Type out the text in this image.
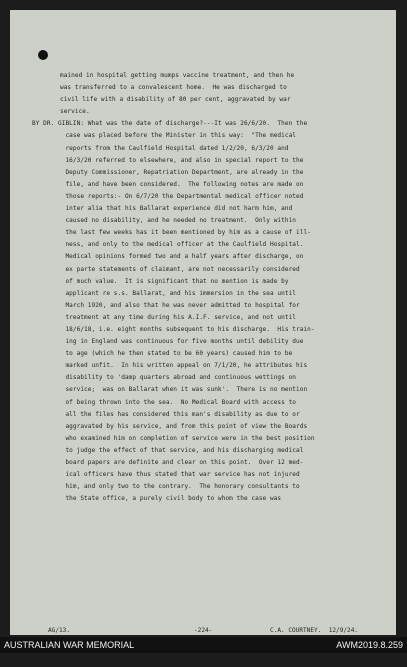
mained in hospital getting mumps vaccine treatment, and then he
was transferred to a convalescent home.  He was discharged to
civil life with a disability of 80 per cent, aggravated by war
service.
BY DR. GIBLIN: What was the date of discharge?---It was 26/6/20.  Then the
case was placed before the Minister in this way:  "The medical
reports from the Caulfield Hospital dated 1/2/20, 6/3/20 and
16/3/20 referred to elsewhere, and also in special report to the
Deputy Commissioner, Repatriation Department, are already in the
file, and have been considered.  The following notes are made on
those reports:- On 6/7/20 the Departmental medical officer noted
inter alia that his Ballarat experience did not harm him, and
caused no disability, and he needed no treatment.  Only within
the last few weeks has it been mentioned by him as a cause of ill-
ness, and only to the medical officer at the Caulfield Hospital.
Medical opinions formed two and a half years after discharge, on
ex parte statements of claimant, are not necessarily considered
of much value.  It is significant that no mention is made by
applicant re s.s. Ballarat, and his immersion in the sea until
March 1920, and also that he was never admitted to hospital for
treatment at any time during his A.I.F. service, and not until
18/6/18, i.e. eight months subsequent to his discharge.  His train-
ing in England was continuous for five months until debility due
to age (which he then stated to be 60 years) caused him to be
marked unfit.  In his written appeal on 7/1/20, he attributes his
disability to 'damp quarters abroad and continuous wettings on
service;  was on Ballarat when it was sunk'.  There is no mention
of being thrown into the sea.  No Medical Board with access to
all the files has considered this man's disability as due to or
aggravated by his service, and from this point of view the Boards
who examined him on completion of service were in the best position
to judge the effect of that service, and his discharging medical
board papers are definite and clear on this point.  Over 12 med-
ical officers have thus stated that war service has not injured
him, and only two to the contrary.  The honorary consultants to
the State office, a purely civil body to whom the case was

AG/13.

	-224-

	C.A. COURTNEY.  12/9/24.

AUSTRALIAN WAR MEMORIAL	AWM2019.8.259
